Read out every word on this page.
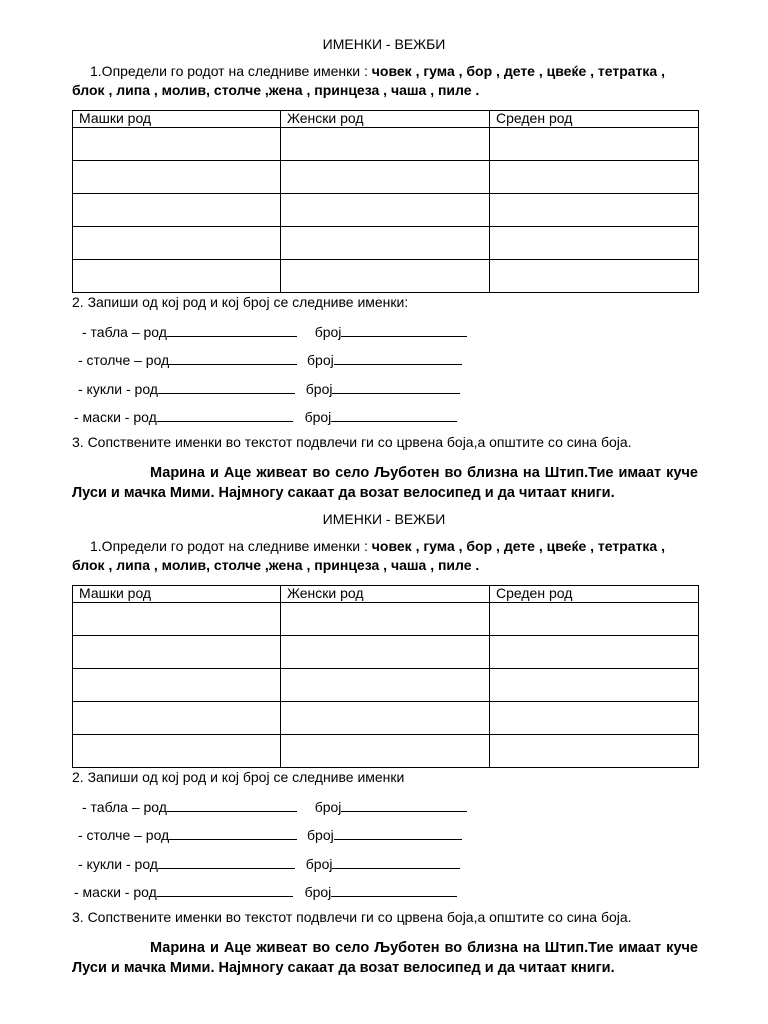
ИМЕНКИ - ВЕЖБИ
1.Определи го родот на следниве именки : човек , гума , бор , дете , цвеќе , тетратка , блок , липа , молив, столче ,жена , принцеза , чаша , пиле .
Машки род	Женски род	Среден род

2. Запиши од кој род и кој број се следниве именки:
- табла – род	број
- столче – род	број
- кукли - род	број
- маски - род	број
3. Сопствените именки во текстот подвлечи ги со црвена боја,а општите со сина боја.
Марина и Аце живеат во село Љуботен во близна на Штип.Тие имаат куче Луси и мачка Мими. Најмногу сакаат да возат велосипед и да читаат книги.
ИМЕНКИ - ВЕЖБИ
1.Определи го родот на следниве именки : човек , гума , бор , дете , цвеќе , тетратка , блок , липа , молив, столче ,жена , принцеза , чаша , пиле .
Машки род	Женски род	Среден род

2. Запиши од кој род и кој број се следниве именки
- табла – род	број
- столче – род	број
- кукли - род	број
- маски - род	број
3. Сопствените именки во текстот подвлечи ги со црвена боја,а општите со сина боја.
Марина и Аце живеат во село Љуботен во близна на Штип.Тие имаат куче Луси и мачка Мими. Најмногу сакаат да возат велосипед и да читаат книги.
